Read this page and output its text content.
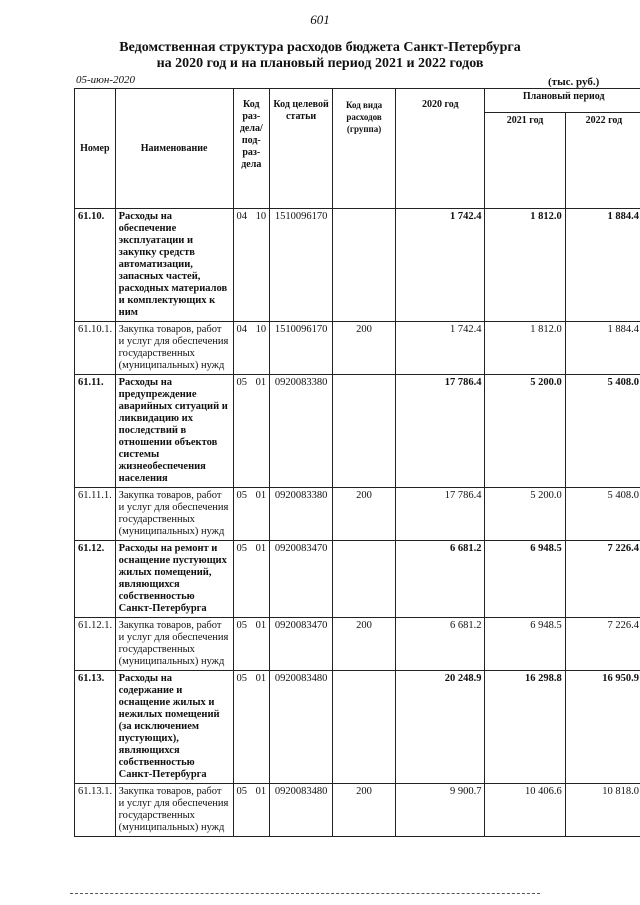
601
Ведомственная структура расходов бюджета Санкт-Петербурга
на 2020 год и на плановый период 2021 и 2022 годов
05-июн-2020	(тыс. руб.)
Номер	Наименование	Код раз-дела/ под-раз-дела	Код целевой статьи	Код вида расходов (группа)	2020 год	Плановый период	
						2021 год	2022 год
61.10.	Расходы на обеспечение эксплуатации и закупку средств автоматизации, запасных частей, расходных материалов и комплектующих к ним	04 10	1510096170		1 742.4	1 812.0	1 884.4
61.10.1.	Закупка товаров, работ и услуг для обеспечения государственных (муниципальных) нужд	04 10	1510096170	200	1 742.4	1 812.0	1 884.4
61.11.	Расходы на предупреждение аварийных ситуаций и ликвидацию их последствий в отношении объектов системы жизнеобеспечения населения	05 01	0920083380		17 786.4	5 200.0	5 408.0
61.11.1.	Закупка товаров, работ и услуг для обеспечения государственных (муниципальных) нужд	05 01	0920083380	200	17 786.4	5 200.0	5 408.0
61.12.	Расходы на ремонт и оснащение пустующих жилых помещений, являющихся собственностью Санкт-Петербурга	05 01	0920083470		6 681.2	6 948.5	7 226.4
61.12.1.	Закупка товаров, работ и услуг для обеспечения государственных (муниципальных) нужд	05 01	0920083470	200	6 681.2	6 948.5	7 226.4
61.13.	Расходы на содержание и оснащение жилых и нежилых помещений (за исключением пустующих), являющихся собственностью Санкт-Петербурга	05 01	0920083480		20 248.9	16 298.8	16 950.9
61.13.1.	Закупка товаров, работ и услуг для обеспечения государственных (муниципальных) нужд	05 01	0920083480	200	9 900.7	10 406.6	10 818.0
